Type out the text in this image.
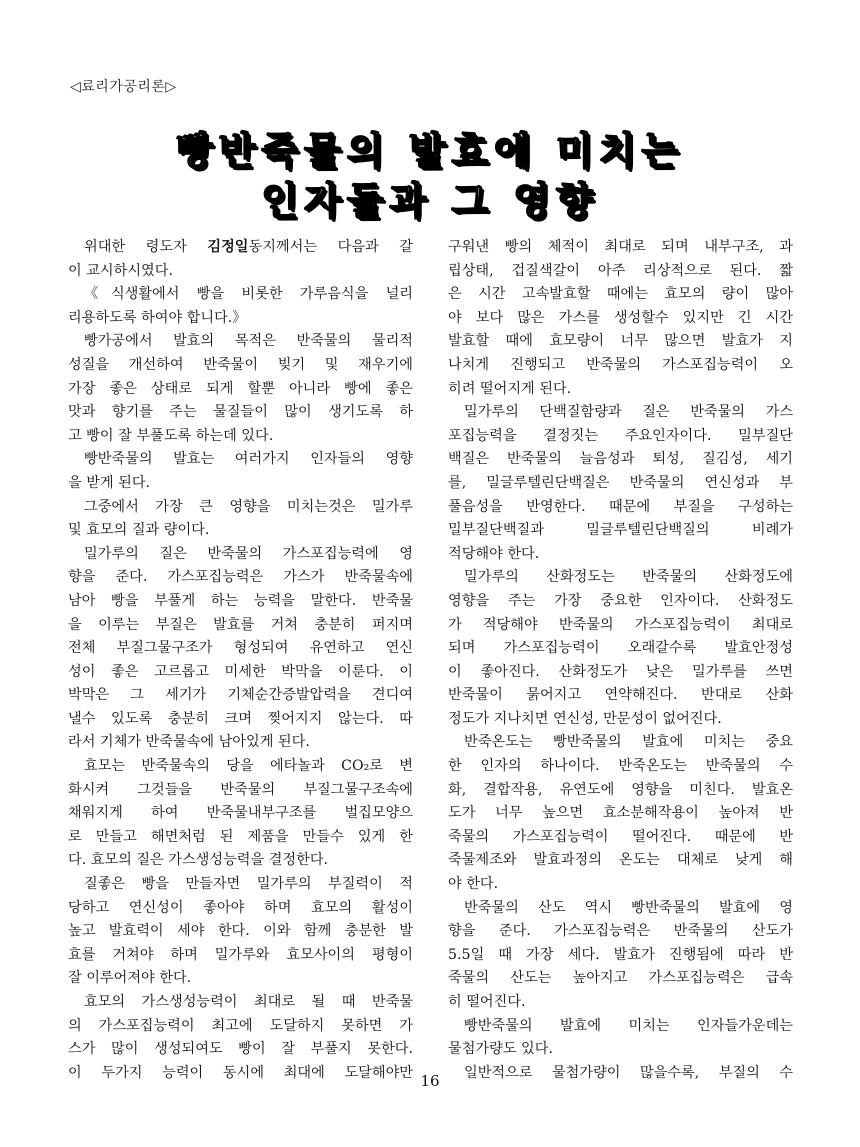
◁료리가공리론▷
빵반죽물의 발효에 미치는
인자들과 그 영향
위대한 령도자 김정일동지께서는 다음과 갈
이 교시하시였다.
《식생활에서 빵을 비롯한 가루음식을 널리
리용하도록 하여야 합니다.》
빵가공에서 발효의 목적은 반죽물의 물리적
성질을 개선하여 반죽물이 빚기 및 재우기에
가장 좋은 상태로 되게 할뿐 아니라 빵에 좋은
맛과 향기를 주는 물질들이 많이 생기도록 하
고 빵이 잘 부풀도록 하는데 있다.
빵반죽물의 발효는 여러가지 인자들의 영향
을 받게 된다.
그중에서 가장 큰 영향을 미치는것은 밀가루
및 효모의 질과 량이다.
밀가루의 질은 반죽물의 가스포집능력에 영
향을 준다. 가스포집능력은 가스가 반죽물속에
남아 빵을 부풀게 하는 능력을 말한다. 반죽물
을 이루는 부질은 발효를 거쳐 충분히 퍼지며
전체 부질그물구조가 형성되여 유연하고 연신
성이 좋은 고르롭고 미세한 박막을 이룬다. 이
박막은 그 세기가 기체순간증발압력을 견디여
낼수 있도록 충분히 크며 찢어지지 않는다. 따
라서 기체가 반죽물속에 남아있게 된다.
효모는 반죽물속의 당을 에타놀과 CO₂로 변
화시켜 그것들을 반죽물의 부질그물구조속에
채워지게 하여 반죽물내부구조를 벌집모양으
로 만들고 해면처럼 된 제품을 만들수 있게 한
다. 효모의 질은 가스생성능력을 결정한다.
질좋은 빵을 만들자면 밀가루의 부질력이 적
당하고 연신성이 좋아야 하며 효모의 활성이
높고 발효력이 세야 한다. 이와 함께 충분한 발
효를 거쳐야 하며 밀가루와 효모사이의 평형이
잘 이루어져야 한다.
효모의 가스생성능력이 최대로 될 때 반죽물
의 가스포집능력이 최고에 도달하지 못하면 가
스가 많이 생성되여도 빵이 잘 부풀지 못한다.
이 두가지 능력이 동시에 최대에 도달해야만
구워낸 빵의 체적이 최대로 되며 내부구조, 과
립상태, 겁질색갈이 아주 리상적으로 된다. 짧
은 시간 고속발효할 때에는 효모의 량이 많아
야 보다 많은 가스를 생성할수 있지만 긴 시간
발효할 때에 효모량이 너무 많으면 발효가 지
나치게 진행되고 반죽물의 가스포집능력이 오
히려 떨어지게 된다.
밀가루의 단백질함량과 질은 반죽물의 가스
포집능력을 결정짓는 주요인자이다. 밀부질단
백질은 반죽물의 늘음성과 퇴성, 질김성, 세기
를, 밀글루텔린단백질은 반죽물의 연신성과 부
풀음성을 반영한다. 때문에 부질을 구성하는
밀부질단백질과 밀글루텔린단백질의 비례가
적당해야 한다.
밀가루의 산화정도는 반죽물의 산화정도에
영향을 주는 가장 중요한 인자이다. 산화정도
가 적당해야 반죽물의 가스포집능력이 최대로
되며 가스포집능력이 오래갈수록 발효안정성
이 좋아진다. 산화정도가 낮은 밀가루를 쓰면
반죽물이 묽어지고 연약해진다. 반대로 산화
정도가 지나치면 연신성, 만문성이 없어진다.
반죽온도는 빵반죽물의 발효에 미치는 중요
한 인자의 하나이다. 반죽온도는 반죽물의 수
화, 결합작용, 유연도에 영향을 미친다. 발효온
도가 너무 높으면 효소분해작용이 높아져 반
죽물의 가스포집능력이 떨어진다. 때문에 반
죽물제조와 발효과정의 온도는 대체로 낮게 해
야 한다.
반죽물의 산도 역시 빵반죽물의 발효에 영
향을 준다. 가스포집능력은 반죽물의 산도가
5.5일 때 가장 세다. 발효가 진행됨에 따라 반
죽물의 산도는 높아지고 가스포집능력은 급속
히 떨어진다.
빵반죽물의 발효에 미치는 인자들가운데는
물첨가량도 있다.
일반적으로 물첨가량이 많을수록, 부질의 수
16
